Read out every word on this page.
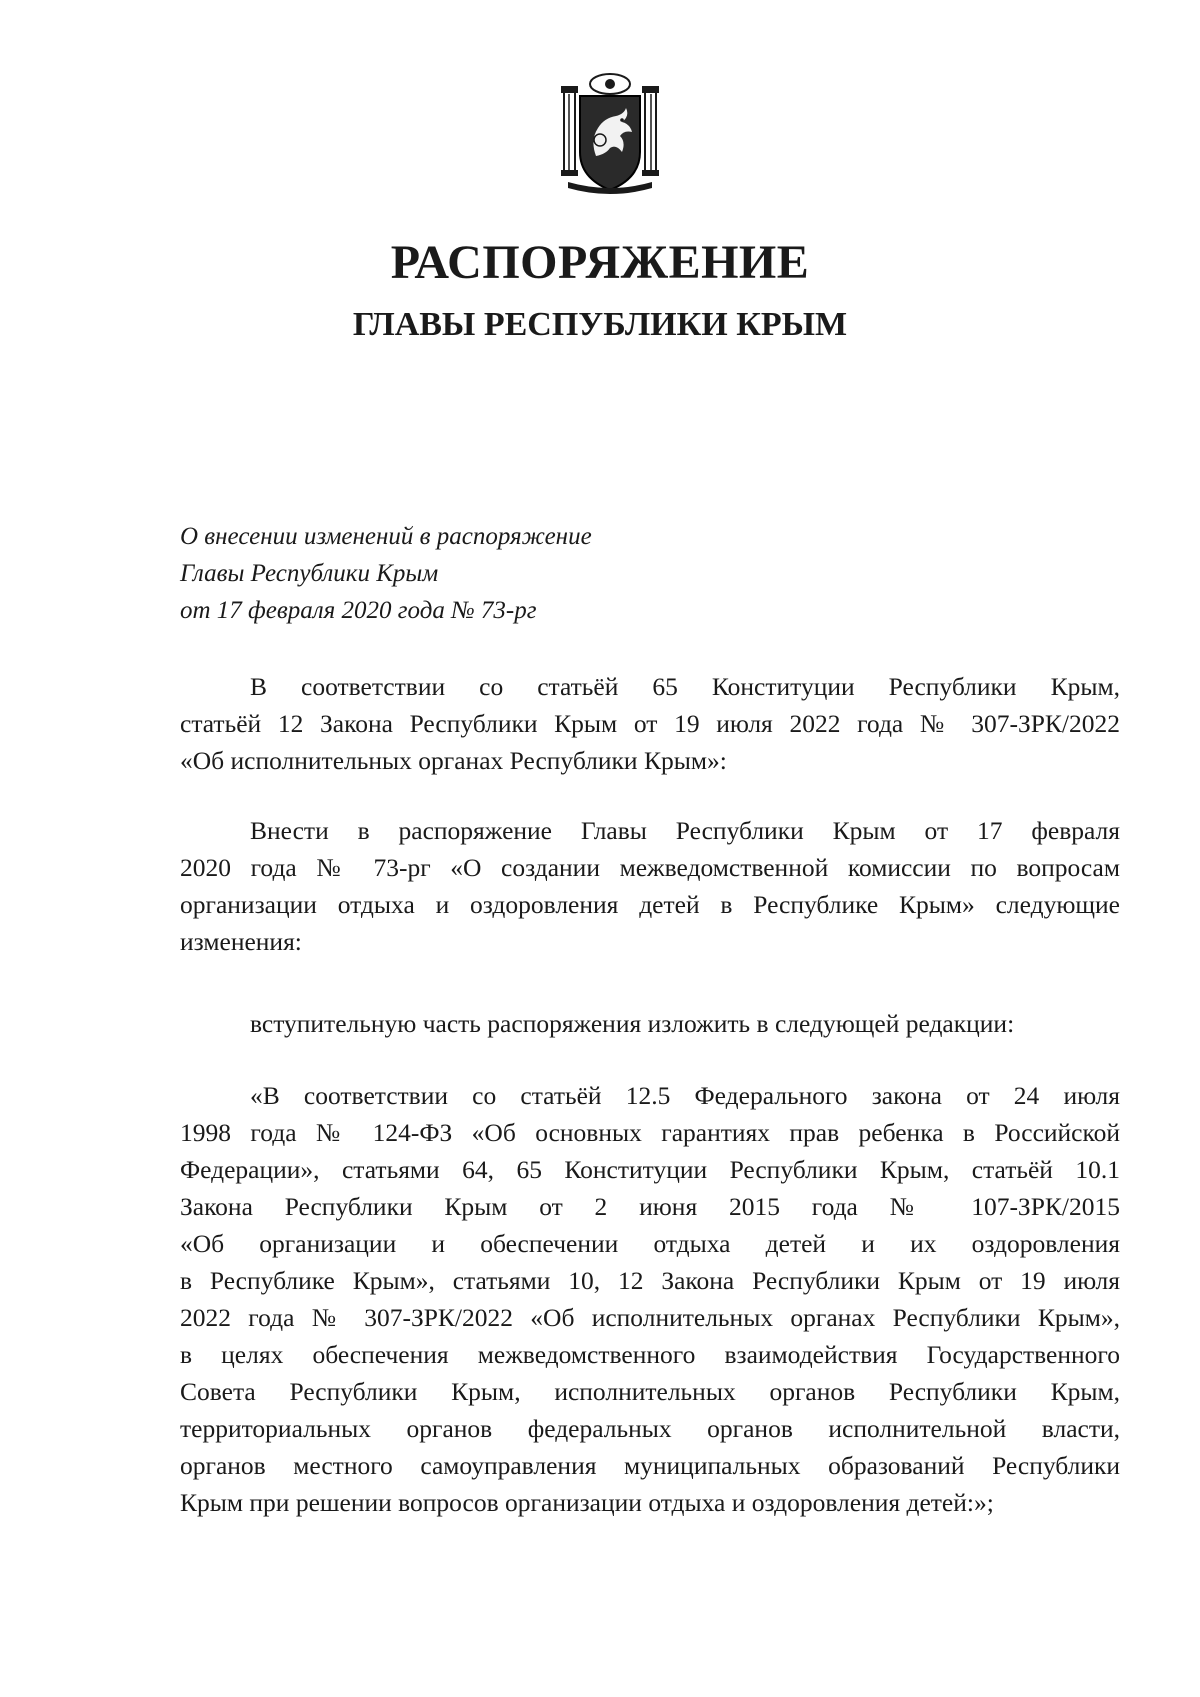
РАСПОРЯЖЕНИЕ
ГЛАВЫ РЕСПУБЛИКИ КРЫМ
О внесении изменений в распоряжение
Главы Республики Крым
от 17 февраля 2020 года № 73-рг
В соответствии со статьёй 65 Конституции Республики Крым,
статьёй 12 Закона Республики Крым от 19 июля 2022 года № 307-ЗРК/2022
«Об исполнительных органах Республики Крым»:
Внести в распоряжение Главы Республики Крым от 17 февраля
2020 года № 73-рг «О создании межведомственной комиссии по вопросам
организации отдыха и оздоровления детей в Республике Крым» следующие
изменения:
вступительную часть распоряжения изложить в следующей редакции:
«В соответствии со статьёй 12.5 Федерального закона от 24 июля
1998 года № 124-ФЗ «Об основных гарантиях прав ребенка в Российской
Федерации», статьями 64, 65 Конституции Республики Крым, статьёй 10.1
Закона Республики Крым от 2 июня 2015 года № 107-ЗРК/2015
«Об организации и обеспечении отдыха детей и их оздоровления
в Республике Крым», статьями 10, 12 Закона Республики Крым от 19 июля
2022 года № 307-ЗРК/2022 «Об исполнительных органах Республики Крым»,
в целях обеспечения межведомственного взаимодействия Государственного
Совета Республики Крым, исполнительных органов Республики Крым,
территориальных органов федеральных органов исполнительной власти,
органов местного самоуправления муниципальных образований Республики
Крым при решении вопросов организации отдыха и оздоровления детей:»;
